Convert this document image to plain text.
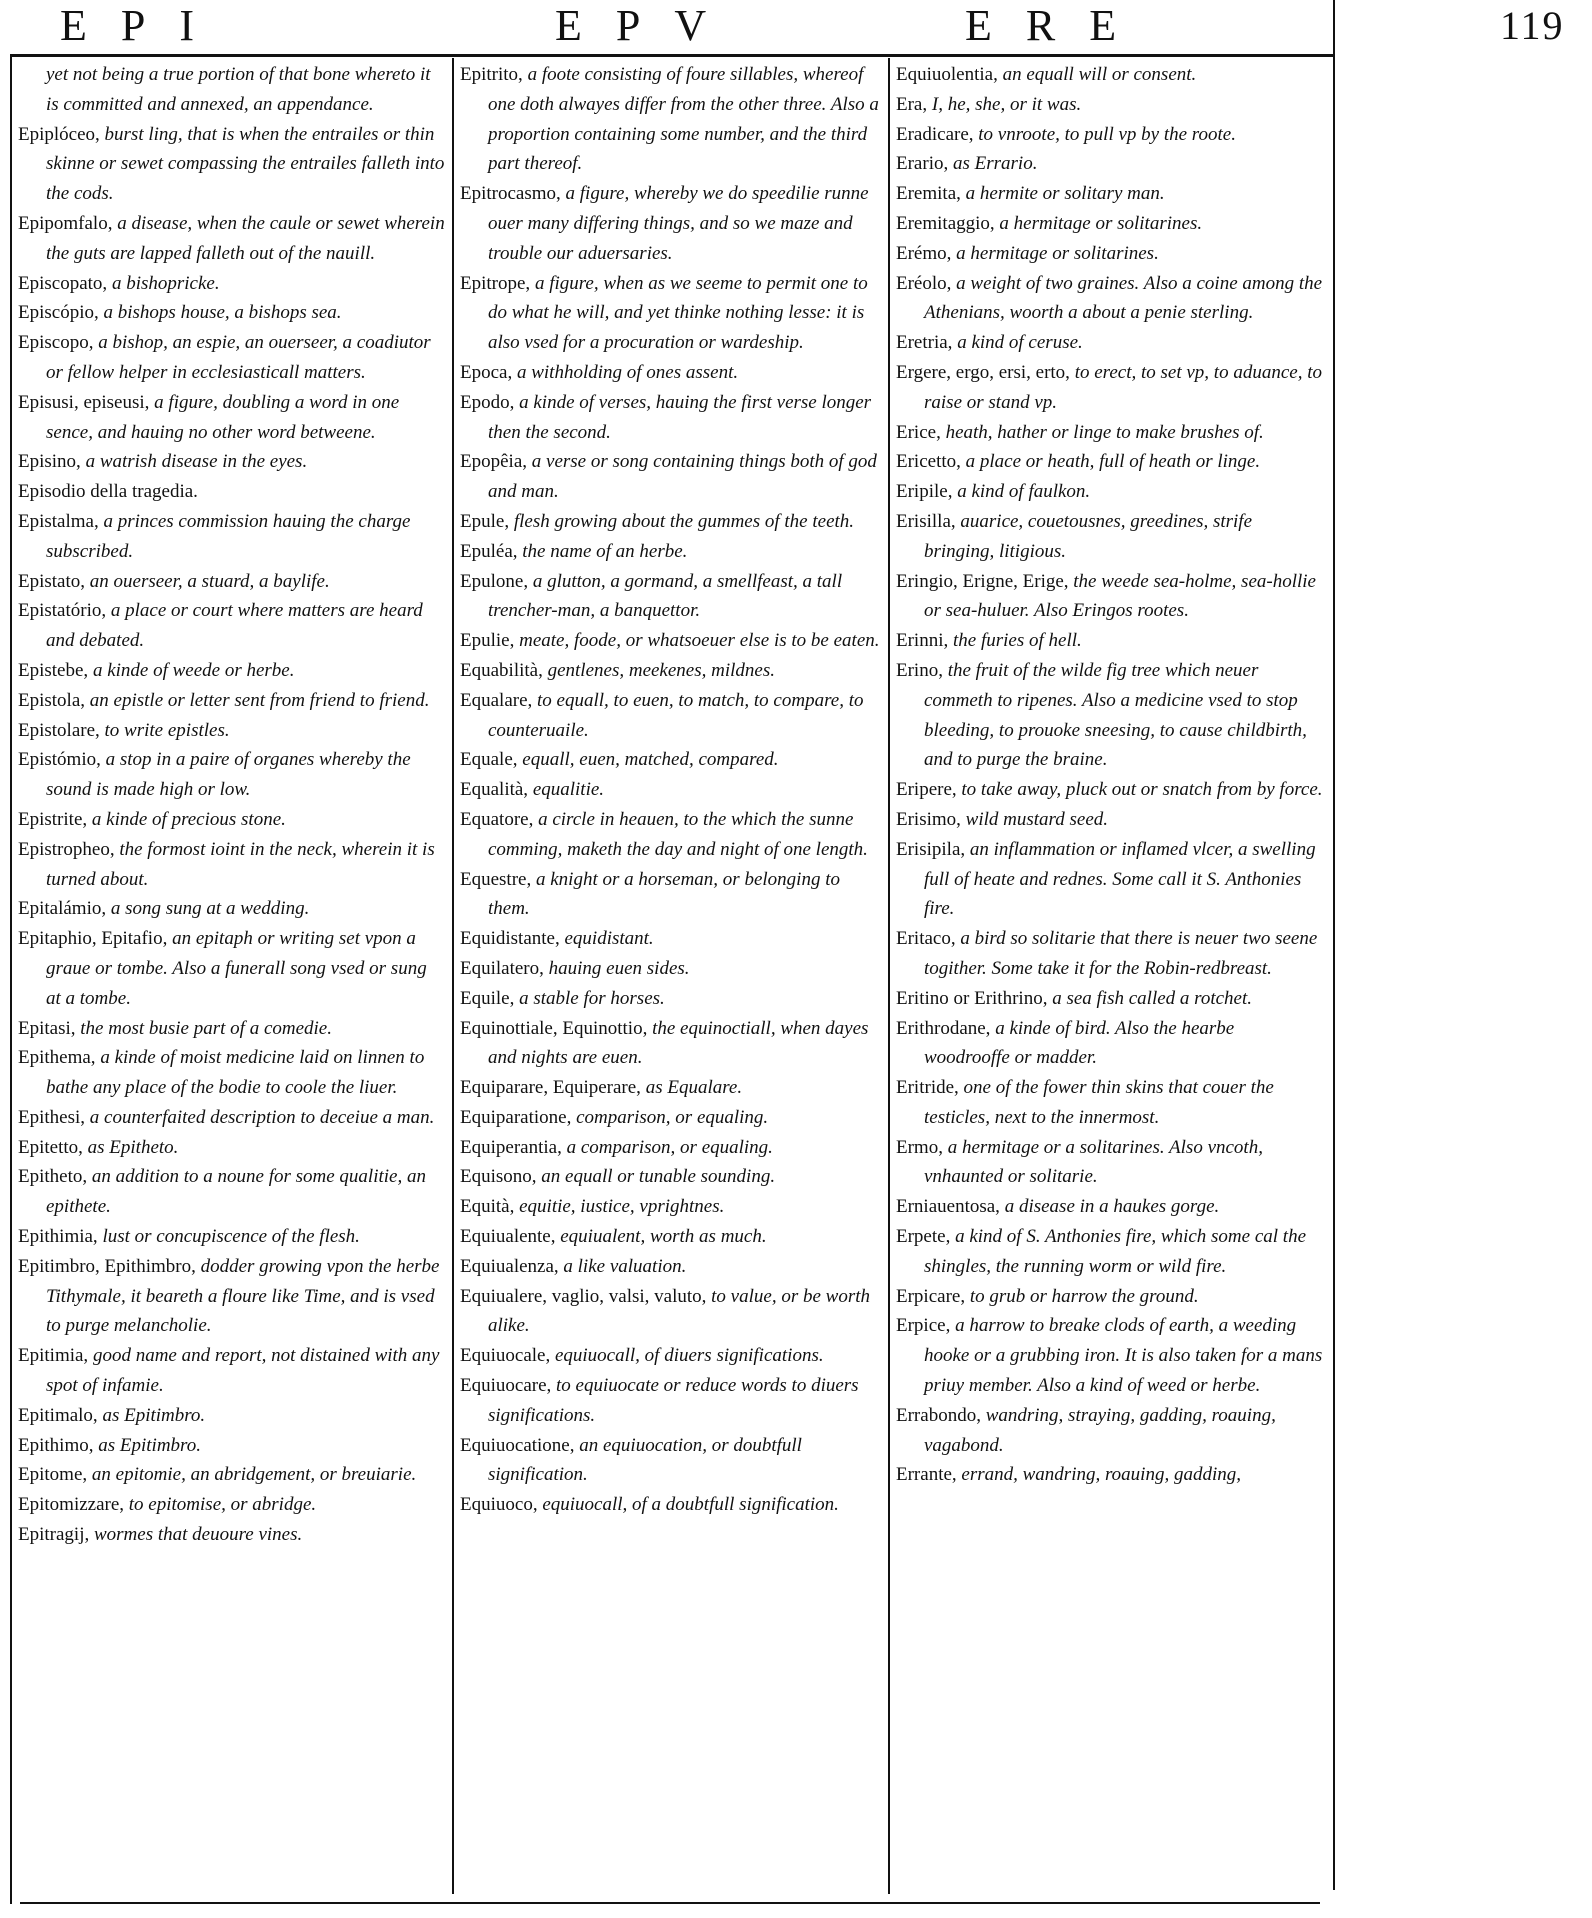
EPI	EPV	ERE	119

yet not being a true portion of that bone whereto it is committed and annexed, an appendance.

Epiplóceo, burst ling, that is when the entrailes or thin skinne or sewet compassing the entrailes falleth into the cods.

Epipomfalo, a disease, when the caule or sewet wherein the guts are lapped falleth out of the nauill.

Episcopato, a bishopricke.

Episcópio, a bishops house, a bishops sea.

Episcopo, a bishop, an espie, an ouerseer, a coadiutor or fellow helper in ecclesiasticall matters.

Episusi, episeusi, a figure, doubling a word in one sence, and hauing no other word betweene.

Episino, a watrish disease in the eyes.

Episodio della tragedia.

Epistalma, a princes commission hauing the charge subscribed.

Epistato, an ouerseer, a stuard, a baylife.

Epistatório, a place or court where matters are heard and debated.

Epistebe, a kinde of weede or herbe.

Epistola, an epistle or letter sent from friend to friend.

Epistolare, to write epistles.

Epistómio, a stop in a paire of organes whereby the sound is made high or low.

Epistrite, a kinde of precious stone.

Epistropheo, the formost ioint in the neck, wherein it is turned about.

Epitalámio, a song sung at a wedding.

Epitaphio, Epitafio, an epitaph or writing set vpon a graue or tombe. Also a funerall song vsed or sung at a tombe.

Epitasi, the most busie part of a comedie.

Epithema, a kinde of moist medicine laid on linnen to bathe any place of the bodie to coole the liuer.

Epithesi, a counterfaited description to deceiue a man.

Epitetto, as Epitheto.

Epitheto, an addition to a noune for some qualitie, an epithete.

Epithimia, lust or concupiscence of the flesh.

Epitimbro, Epithimbro, dodder growing vpon the herbe Tithymale, it beareth a floure like Time, and is vsed to purge melancholie.

Epitimia, good name and report, not distained with any spot of infamie.

Epitimalo, as Epitimbro.

Epithimo, as Epitimbro.

Epitome, an epitomie, an abridgement, or breuiarie.

Epitomizzare, to epitomise, or abridge.

Epitragij, wormes that deuoure vines.

Epitrito, a foote consisting of foure sillables, whereof one doth alwayes differ from the other three. Also a proportion containing some number, and the third part thereof.

Epitrocasmo, a figure, whereby we do speedilie runne ouer many differing things, and so we maze and trouble our aduersaries.

Epitrope, a figure, when as we seeme to permit one to do what he will, and yet thinke nothing lesse: it is also vsed for a procuration or wardeship.

Epoca, a withholding of ones assent.

Epodo, a kinde of verses, hauing the first verse longer then the second.

Epopêia, a verse or song containing things both of god and man.

Epule, flesh growing about the gummes of the teeth.

Epuléa, the name of an herbe.

Epulone, a glutton, a gormand, a smellfeast, a tall trencher-man, a banquettor.

Epulie, meate, foode, or whatsoeuer else is to be eaten.

Equabilità, gentlenes, meekenes, mildnes.

Equalare, to equall, to euen, to match, to compare, to counteruaile.

Equale, equall, euen, matched, compared.

Equalità, equalitie.

Equatore, a circle in heauen, to the which the sunne comming, maketh the day and night of one length.

Equestre, a knight or a horseman, or belonging to them.

Equidistante, equidistant.

Equilatero, hauing euen sides.

Equile, a stable for horses.

Equinottiale, Equinottio, the equinoctiall, when dayes and nights are euen.

Equiparare, Equiperare, as Equalare.

Equiparatione, comparison, or equaling.

Equiperantia, a comparison, or equaling.

Equisono, an equall or tunable sounding.

Equità, equitie, iustice, vprightnes.

Equiualente, equiualent, worth as much.

Equiualenza, a like valuation.

Equiualere, vaglio, valsi, valuto, to value, or be worth alike.

Equiuocale, equiuocall, of diuers significations.

Equiuocare, to equiuocate or reduce words to diuers significations.

Equiuocatione, an equiuocation, or doubtfull signification.

Equiuoco, equiuocall, of a doubtfull signification.

Equiuolentia, an equall will or consent.

Era, I, he, she, or it was.

Eradicare, to vnroote, to pull vp by the roote.

Erario, as Errario.

Eremita, a hermite or solitary man.

Eremitaggio, a hermitage or solitarines.

Erémo, a hermitage or solitarines.

Eréolo, a weight of two graines. Also a coine among the Athenians, woorth a about a penie sterling.

Eretria, a kind of ceruse.

Ergere, ergo, ersi, erto, to erect, to set vp, to aduance, to raise or stand vp.

Erice, heath, hather or linge to make brushes of.

Ericetto, a place or heath, full of heath or linge.

Eripile, a kind of faulkon.

Erisilla, auarice, couetousnes, greedines, strife bringing, litigious.

Eringio, Erigne, Erige, the weede sea-holme, sea-hollie or sea-huluer. Also Eringos rootes.

Erinni, the furies of hell.

Erino, the fruit of the wilde fig tree which neuer commeth to ripenes. Also a medicine vsed to stop bleeding, to prouoke sneesing, to cause childbirth, and to purge the braine.

Eripere, to take away, pluck out or snatch from by force.

Erisimo, wild mustard seed.

Erisipila, an inflammation or inflamed vlcer, a swelling full of heate and rednes. Some call it S. Anthonies fire.

Eritaco, a bird so solitarie that there is neuer two seene togither. Some take it for the Robin-redbreast.

Eritino or Erithrino, a sea fish called a rotchet.

Erithrodane, a kinde of bird. Also the hearbe woodrooffe or madder.

Eritride, one of the fower thin skins that couer the testicles, next to the innermost.

Ermo, a hermitage or a solitarines. Also vncoth, vnhaunted or solitarie.

Erniauentosa, a disease in a haukes gorge.

Erpete, a kind of S. Anthonies fire, which some cal the shingles, the running worm or wild fire.

Erpicare, to grub or harrow the ground.

Erpice, a harrow to breake clods of earth, a weeding hooke or a grubbing iron. It is also taken for a mans priuy member. Also a kind of weed or herbe.

Errabondo, wandring, straying, gadding, roauing, vagabond.

Errante, errand, wandring, roauing, gadding,
